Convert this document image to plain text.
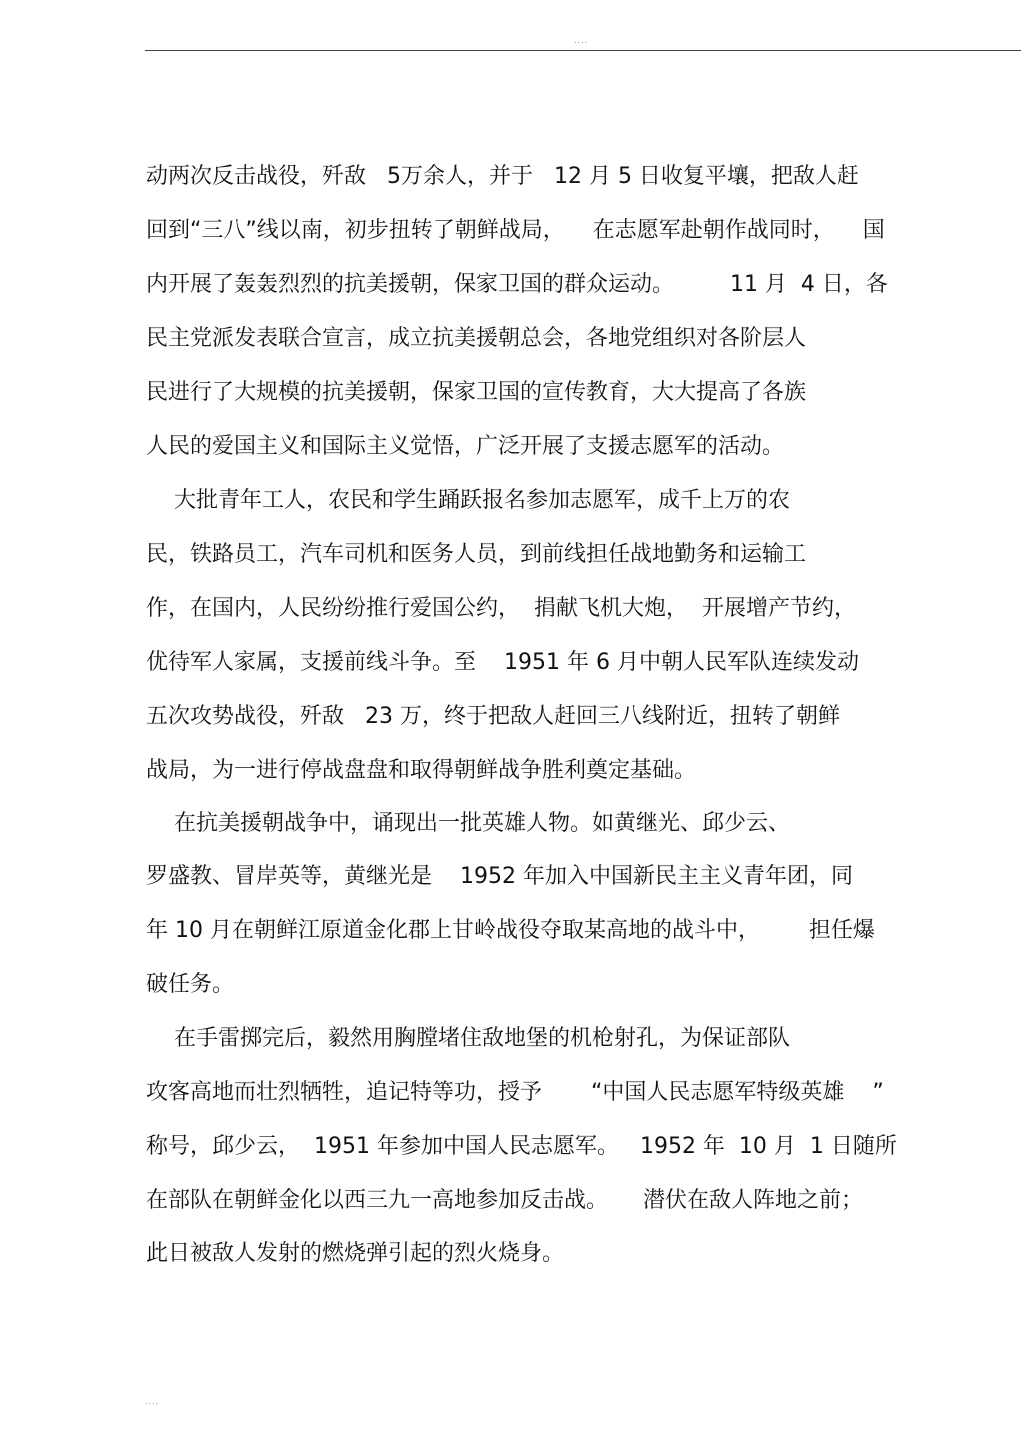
....
动两次反击战役，歼敌   5万余人，并于   12 月 5 日收复平壤，把敌人赶
回到“三八”线以南，初步扭转了朝鲜战局，    在志愿军赴朝作战同时，    国
内开展了轰轰烈烈的抗美援朝，保家卫国的群众运动。        11 月  4 日，各
民主党派发表联合宣言，成立抗美援朝总会，各地党组织对各阶层人
民进行了大规模的抗美援朝，保家卫国的宣传教育，大大提高了各族
人民的爱国主义和国际主义觉悟，广泛开展了支援志愿军的活动。
大批青年工人，农民和学生踊跃报名参加志愿军，成千上万的农
民，铁路员工，汽车司机和医务人员，到前线担任战地勤务和运输工
作，在国内，人民纷纷推行爱国公约，  捐献飞机大炮，  开展增产节约，
优待军人家属，支援前线斗争。至    1951 年 6 月中朝人民军队连续发动
五次攻势战役，歼敌   23 万，终于把敌人赶回三八线附近，扭转了朝鲜
战局，为一进行停战盘盘和取得朝鲜战争胜利奠定基础。
在抗美援朝战争中，诵现出一批英雄人物。如黄继光、邱少云、
罗盛教、冒岸英等，黄继光是    1952 年加入中国新民主主义青年团，同
年 10 月在朝鲜江原道金化郡上甘岭战役夺取某高地的战斗中，       担任爆
破任务。
在手雷掷完后，毅然用胸膛堵住敌地堡的机枪射孔，为保证部队
攻客高地而壮烈牺牲，追记特等功，授予       “中国人民志愿军特级英雄    ”
称号，邱少云，  1951 年参加中国人民志愿军。   1952 年  10 月  1 日随所
在部队在朝鲜金化以西三九一高地参加反击战。     潜伏在敌人阵地之前；
此日被敌人发射的燃烧弹引起的烈火烧身。
....
